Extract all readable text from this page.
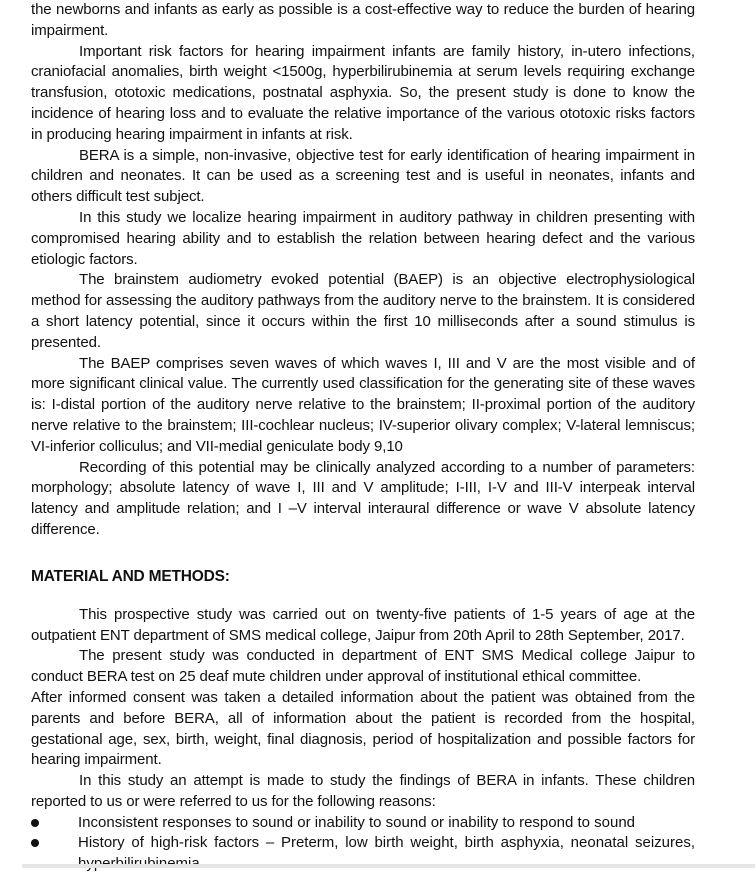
the newborns and infants as early as possible is a cost-effective way to reduce the burden of hearing impairment.

Important risk factors for hearing impairment infants are family history, in-utero infections, craniofacial anomalies, birth weight <1500g, hyperbilirubinemia at serum levels requiring exchange transfusion, ototoxic medications, postnatal asphyxia. So, the present study is done to know the incidence of hearing loss and to evaluate the relative importance of the various ototoxic risks factors in producing hearing impairment in infants at risk.

BERA is a simple, non-invasive, objective test for early identification of hearing impairment in children and neonates. It can be used as a screening test and is useful in neonates, infants and others difficult test subject.

In this study we localize hearing impairment in auditory pathway in children presenting with compromised hearing ability and to establish the relation between hearing defect and the various etiologic factors.

The brainstem audiometry evoked potential (BAEP) is an objective electrophysiological method for assessing the auditory pathways from the auditory nerve to the brainstem. It is considered a short latency potential, since it occurs within the first 10 milliseconds after a sound stimulus is presented.

The BAEP comprises seven waves of which waves I, III and V are the most visible and of more significant clinical value. The currently used classification for the generating site of these waves is: I-distal portion of the auditory nerve relative to the brainstem; II-proximal portion of the auditory nerve relative to the brainstem; III-cochlear nucleus; IV-superior olivary complex; V-lateral lemniscus; VI-inferior colliculus; and VII-medial geniculate body 9,10

Recording of this potential may be clinically analyzed according to a number of parameters: morphology; absolute latency of wave I, III and V amplitude; I-III, I-V and III-V interpeak interval latency and amplitude relation; and I –V interval interaural difference or wave V absolute latency difference.

MATERIAL AND METHODS:

This prospective study was carried out on twenty-five patients of 1-5 years of age at the outpatient ENT department of SMS medical college, Jaipur from 20th April to 28th September, 2017.

The present study was conducted in department of ENT SMS Medical college Jaipur to conduct BERA test on 25 deaf mute children under approval of institutional ethical committee.

After informed consent was taken a detailed information about the patient was obtained from the parents and before BERA, all of information about the patient is recorded from the hospital, gestational age, sex, birth, weight, final diagnosis, period of hospitalization and possible factors for hearing impairment.

In this study an attempt is made to study the findings of BERA in infants. These children reported to us or were referred to us for the following reasons:

Inconsistent responses to sound or inability to sound or inability to respond to sound
History of high-risk factors – Preterm, low birth weight, birth asphyxia, neonatal seizures,
